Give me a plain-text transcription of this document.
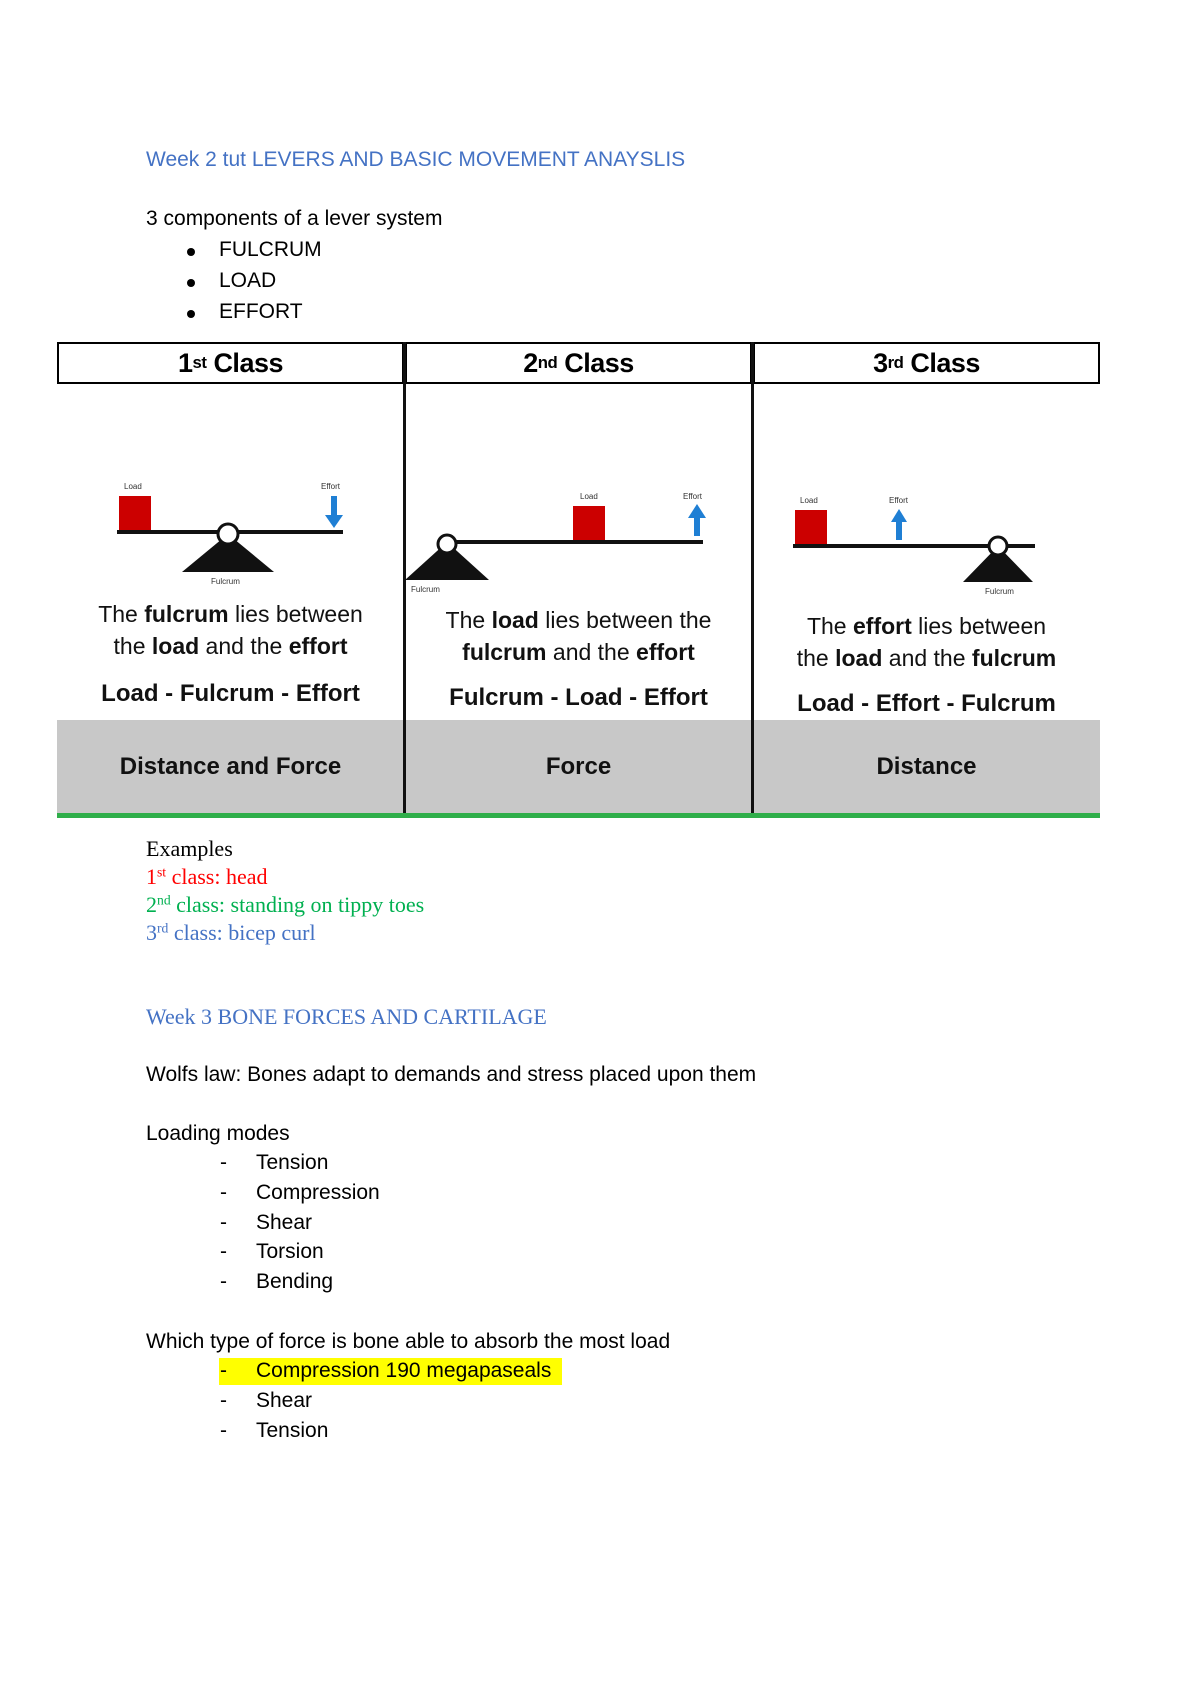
Week 2 tut LEVERS AND BASIC MOVEMENT ANAYSLIS
3 components of a lever system
FULCRUM
LOAD
EFFORT
1 st
Class
Load
Fulcrum
Effort
The fulcrum lies between
the load and the effort
Load - Fulcrum - Effort
Distance and Force
2 nd
Class
Load
Fulcrum
Effort
The load lies between the
fulcrum and the effort
Fulcrum - Load - Effort
Force
3 rd
Class
Load
Fulcrum
Effort
The effort lies between
the load and the fulcrum
Load - Effort - Fulcrum
Distance
Examples
1st class: head
2nd class: standing on tippy toes
3rd class: bicep curl
Week 3 BONE FORCES AND CARTILAGE
Wolfs law: Bones adapt to demands and stress placed upon them
Loading modes
- Tension
- Compression
- Shear
- Torsion
- Bending
Which type of force is bone able to absorb the most load
- Compression 190 megapaseals
- Shear
- Tension
